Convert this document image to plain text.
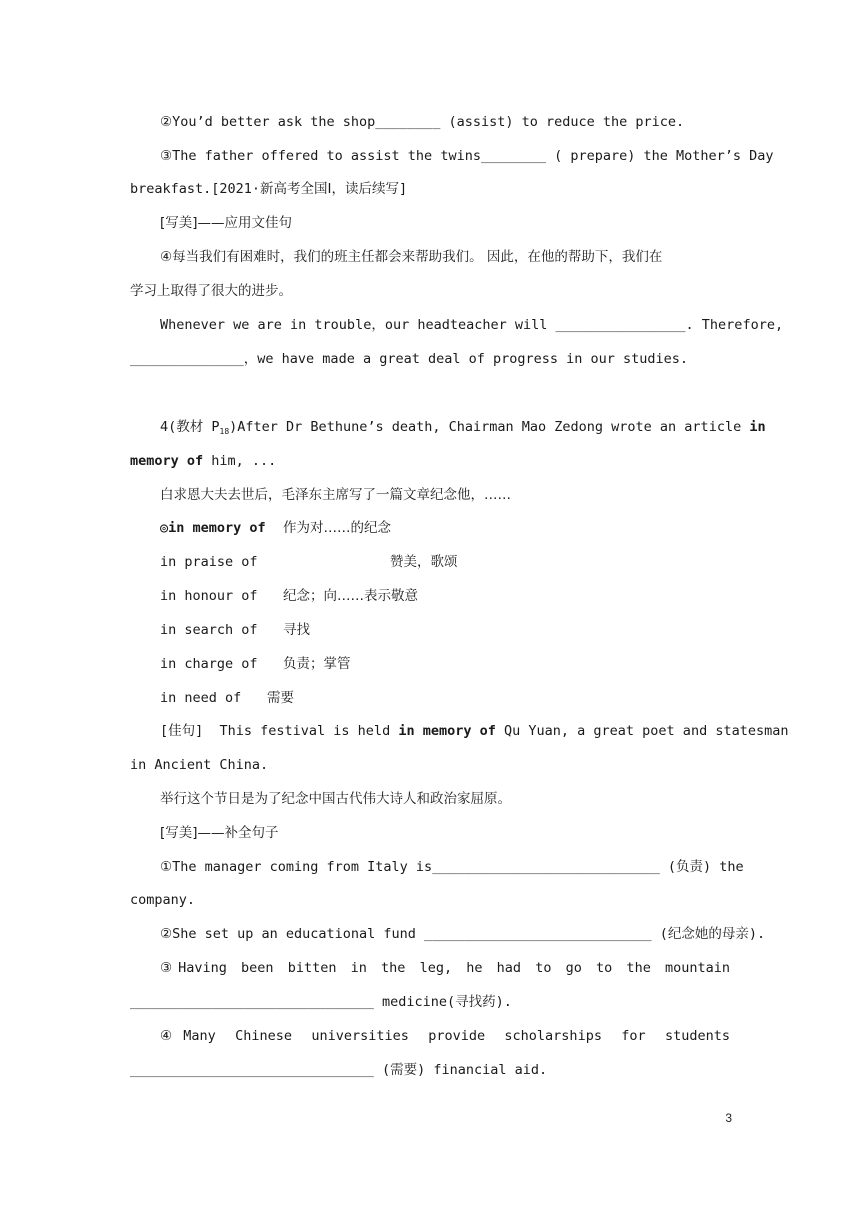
②You’d better ask the shop________ (assist) to reduce the price.
③The father offered to assist the twins________ ( prepare) the Mother’s Day
breakfast.[2021·新高考全国Ⅰ，读后续写]
[写美]——应用文佳句
④每当我们有困难时，我们的班主任都会来帮助我们。 因此，在他的帮助下，我们在
学习上取得了很大的进步。
Whenever we are in trouble，our headteacher will ________________. Therefore,
______________，we have made a great deal of progress in our studies.
4(教材 $P_{18})After$ Dr Bethune’s death, Chairman Mao Zedong wrote an article in
memory of him, ...
白求恩大夫去世后，毛泽东主席写了一篇文章纪念他，……
◎in memory of 作为对……的纪念
in praise of	赞美，歌颂
in honour of 纪念；向……表示敬意
in search of 寻找
in charge of 负责；掌管
in need of 需要
[佳句]  This festival is held in memory of Qu Yuan, a great poet and statesman
in Ancient China.
举行这个节日是为了纪念中国古代伟大诗人和政治家屈原。
[写美]——补全句子
①The manager coming from Italy is____________________________ (负责) the
company.
②She set up an educational fund ____________________________ (纪念她的母亲).
③Having been bitten in the leg, he had to go to the mountain
______________________________ medicine(寻找药).
④Many Chinese universities provide scholarships for students
______________________________ (需要) financial aid.
3
